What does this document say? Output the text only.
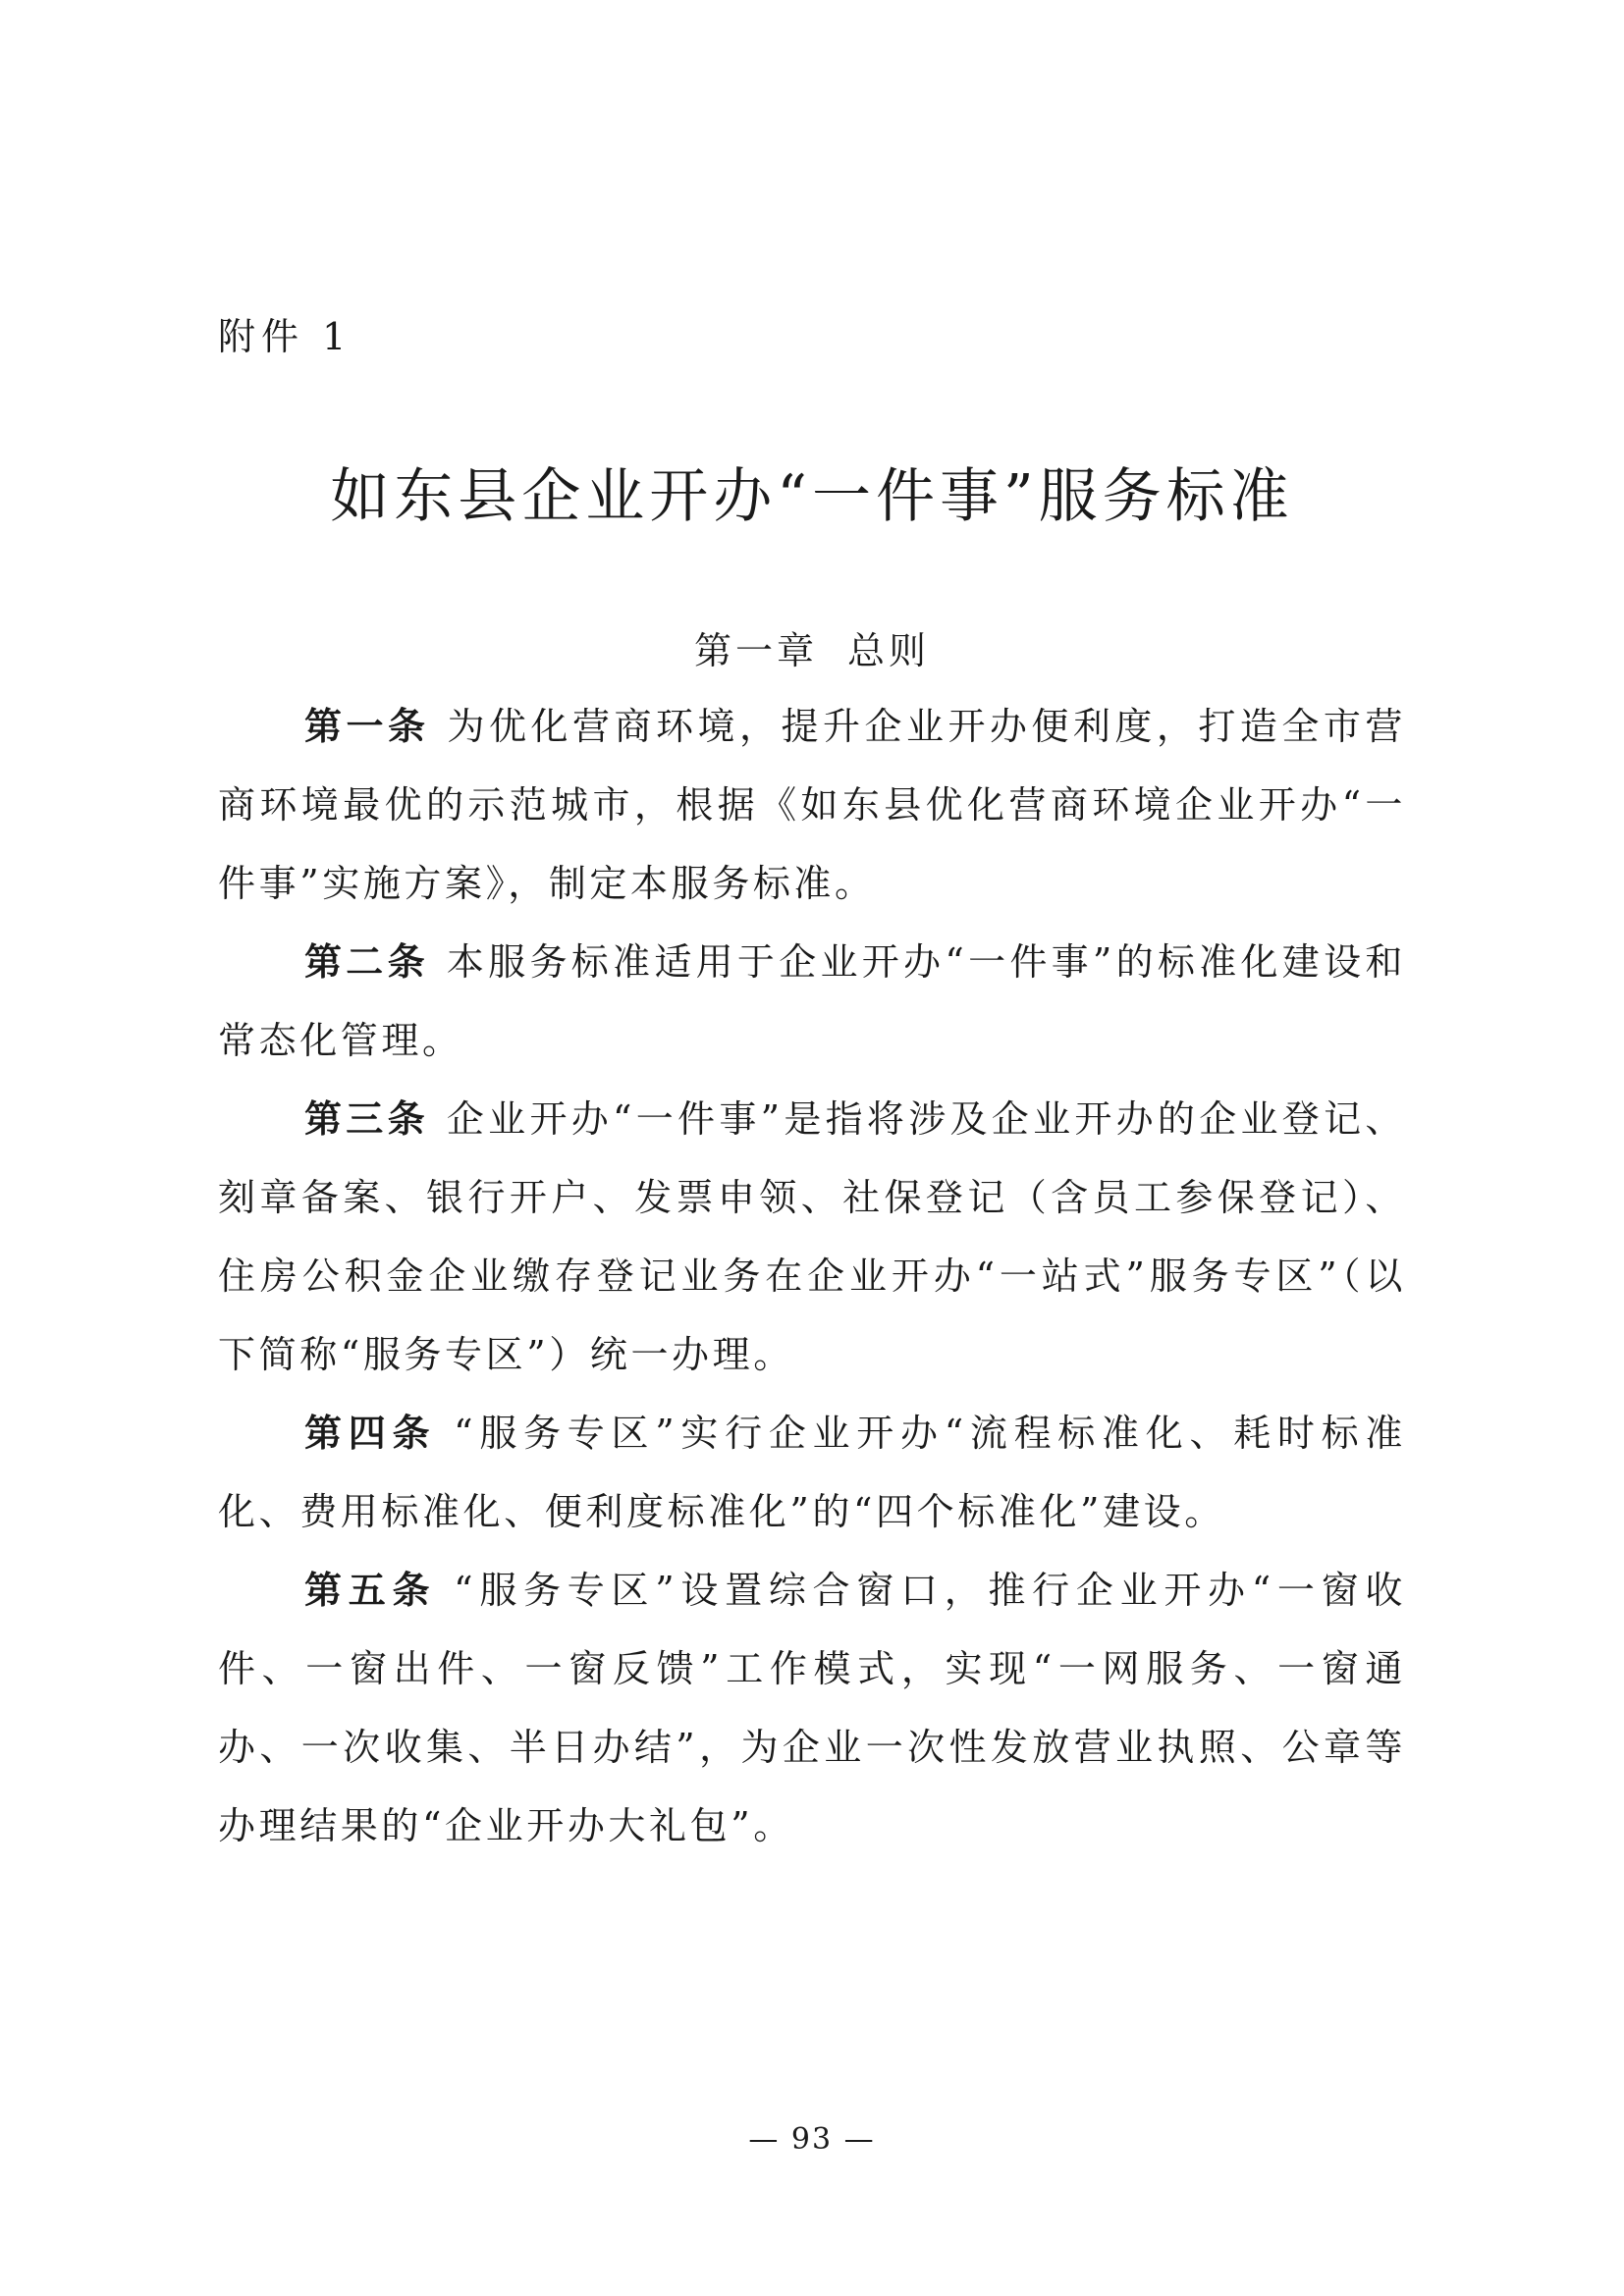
附件 1
如东县企业开办“一件事”服务标准
第一章 总则

第一条 为优化营商环境，提升企业开办便利度，打造全市营商环境最优的示范城市，根据《如东县优化营商环境企业开办“一件事”实施方案》，制定本服务标准。

第二条 本服务标准适用于企业开办“一件事”的标准化建设和常态化管理。

第三条 企业开办“一件事”是指将涉及企业开办的企业登记、刻章备案、银行开户、发票申领、社保登记（含员工参保登记）、住房公积金企业缴存登记业务在企业开办“一站式”服务专区”（以下简称“服务专区”）统一办理。

第四条 “服务专区”实行企业开办“流程标准化、耗时标准化、费用标准化、便利度标准化”的“四个标准化”建设。

第五条 “服务专区”设置综合窗口，推行企业开办“一窗收件、一窗出件、一窗反馈”工作模式，实现“一网服务、一窗通办、一次收集、半日办结”，为企业一次性发放营业执照、公章等办理结果的“企业开办大礼包”。

— 93 —
